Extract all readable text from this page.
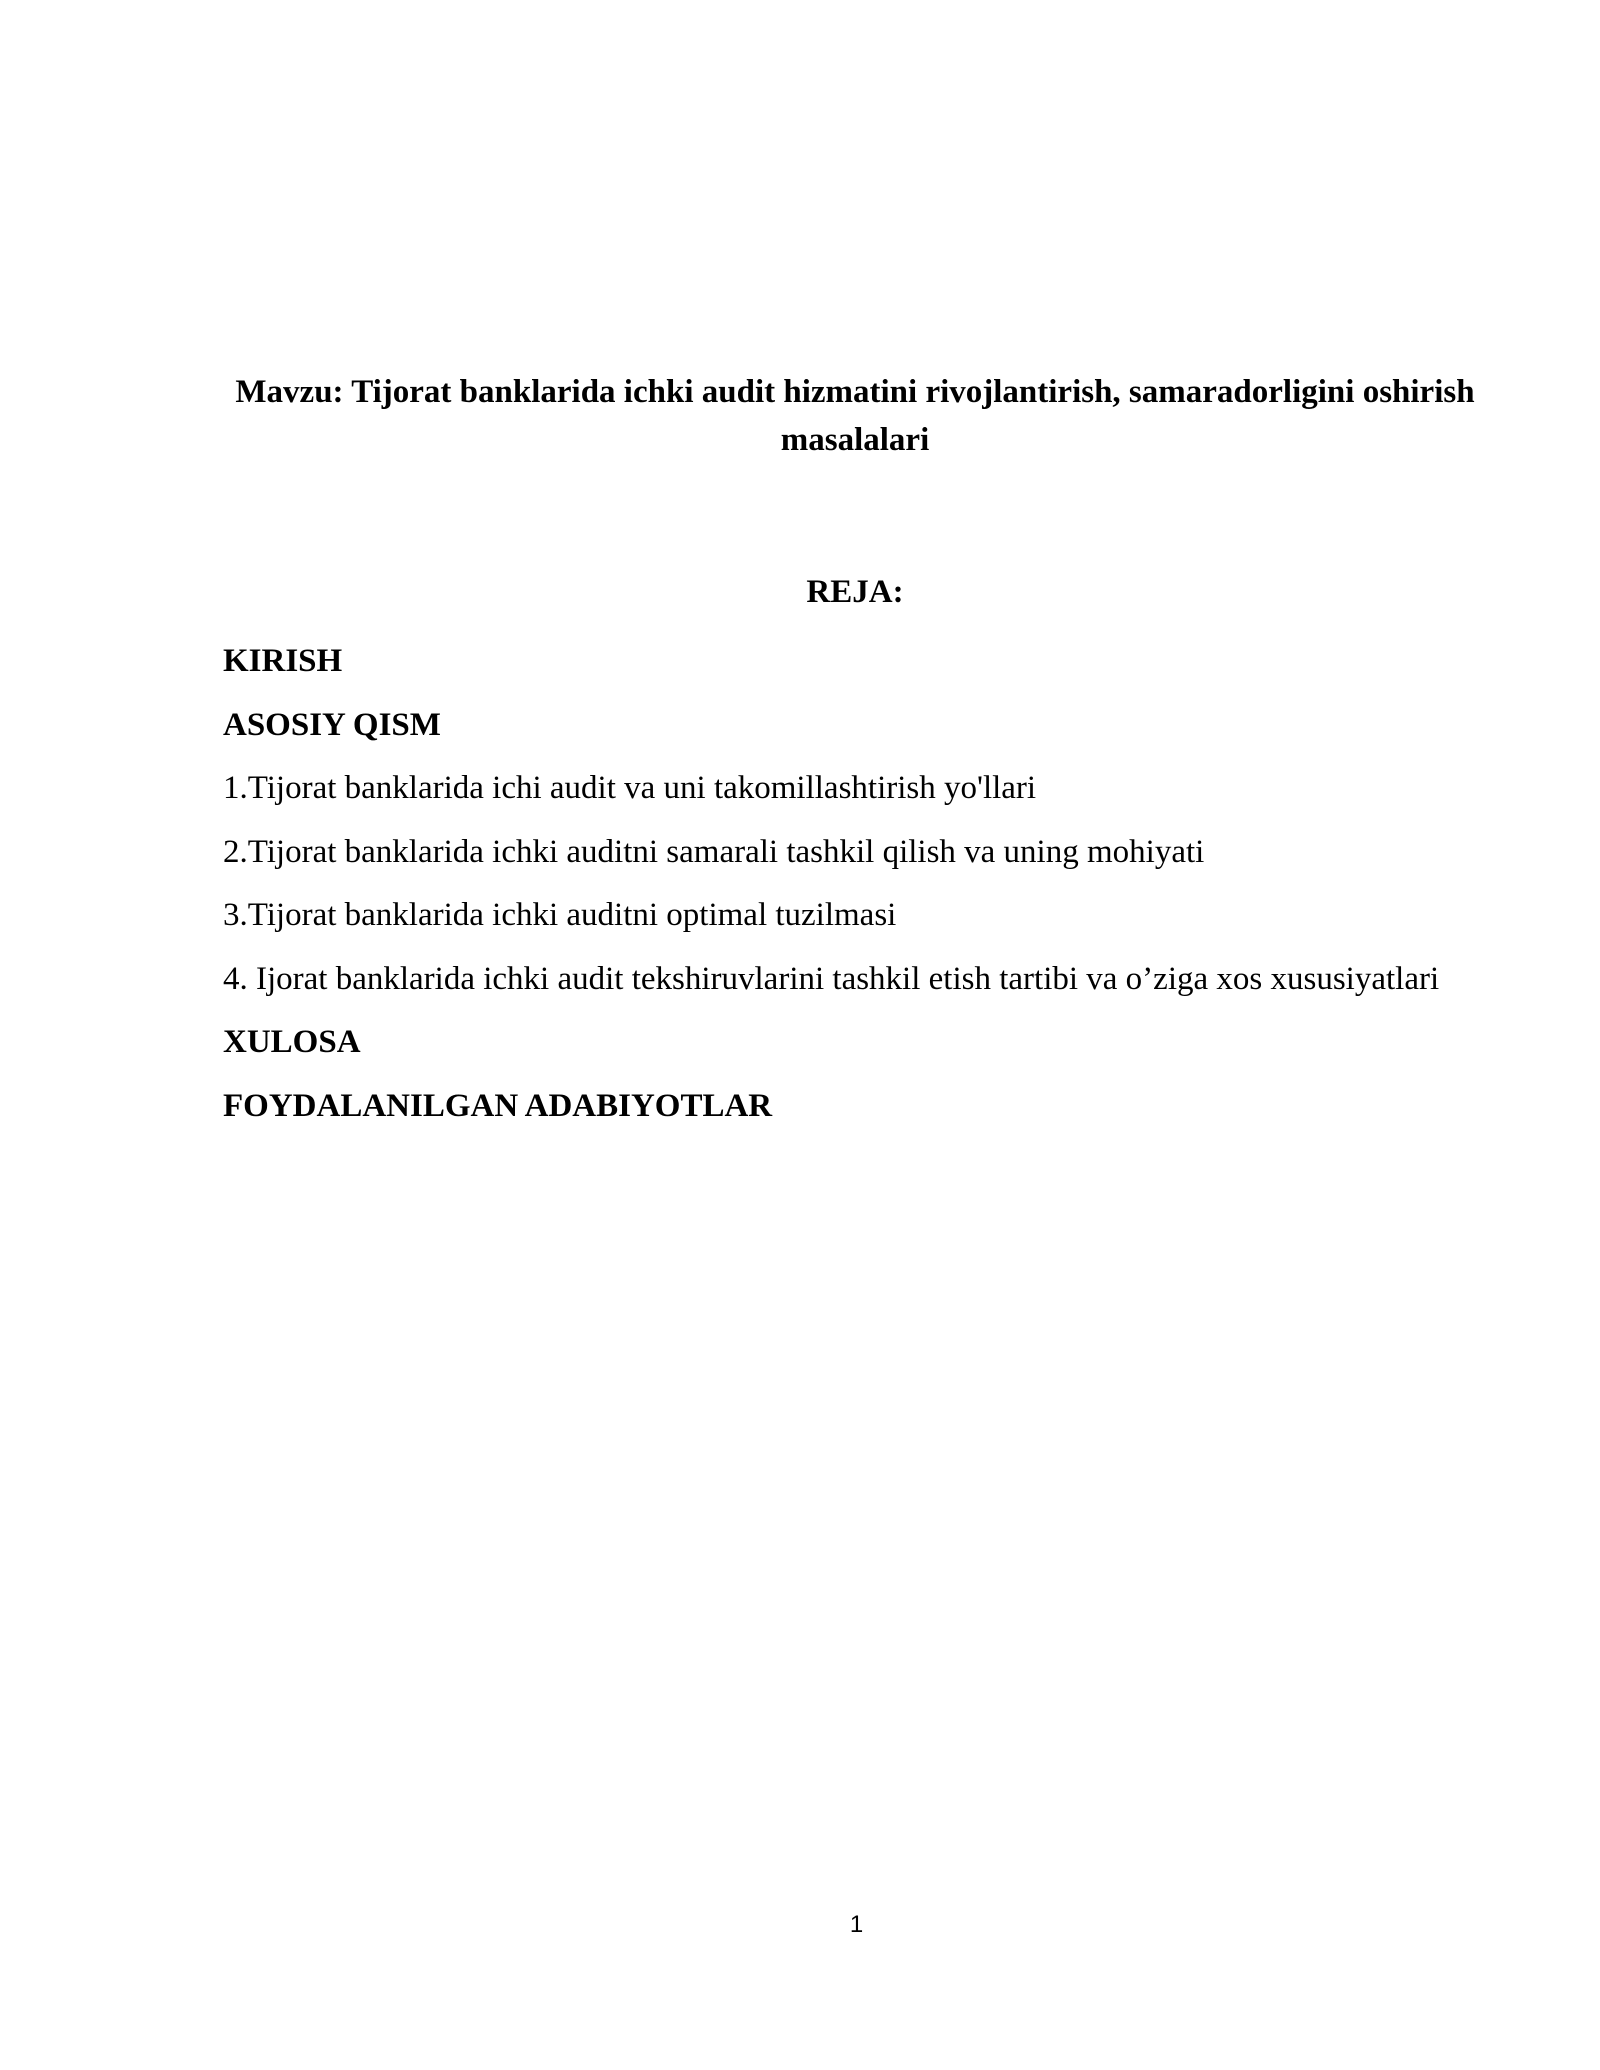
Mavzu: Tijorat banklarida ichki audit hizmatini rivojlantirish, samaradorligini oshirish masalalari
REJA:
KIRISH
ASOSIY QISM
1.Tijorat banklarida ichi audit va uni takomillashtirish yo'llari
2.Tijorat banklarida ichki auditni samarali tashkil qilish va uning mohiyati
3.Tijorat banklarida ichki auditni optimal tuzilmasi
4. Ijorat banklarida ichki audit tekshiruvlarini tashkil etish tartibi va o’ziga xos xususiyatlari
XULOSA
FOYDALANILGAN ADABIYOTLAR
1
